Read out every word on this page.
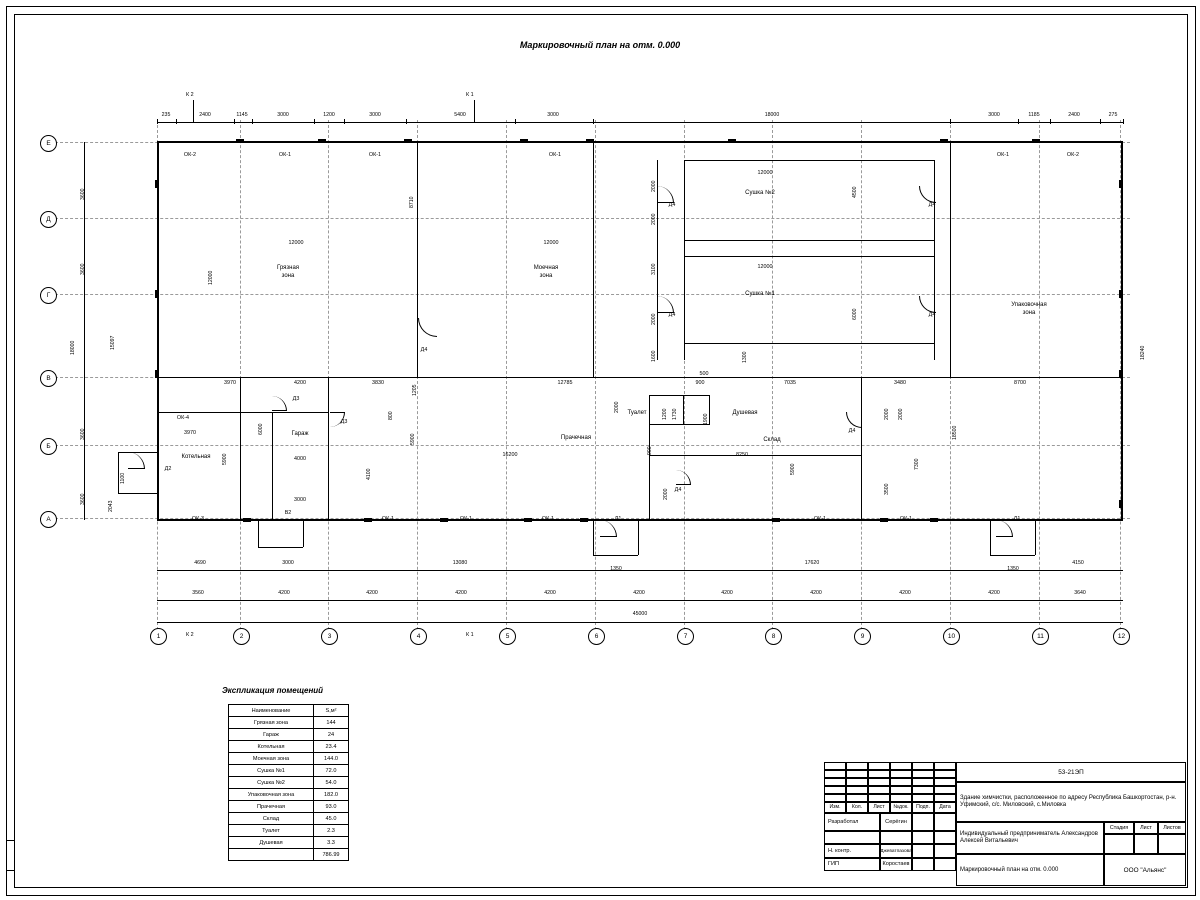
Маркировочный план на отм. 0.000
Грязная
зона
Моечная
зона
Сушка №2
Сушка №1
Упаковочная
зона
Котельная
Гараж
Прачечная
Туалет	Душевая
Склад
ОК-2	ОК-1	ОК-1	ОК-1	ОК-1	ОК-2
ОК-4
ОК-3	ОК-1	ОК-1	ОК-1	ОК-1	ОК-1
В2
Д4	Д4
Д4	Д4
Д4
Д3
Д3
Д2
Д4
Д4
Д1	Д1
12000	12000
12000
12000
12000
8710
2000
2000
3100
2000
1600	1300
4500
6000
3970	4200	3830
1205
12785	900	7035	3480	8700
3970	6000
4000
3000
4100
5900
800
2000
1200 1730	1900
16200	8250
5900
900
2000
2000 2000
500
5900
235	2400	1145	3000	1200	3000	5400	3000	18000	3000	1185	2400	275
К 2	К 1
К 2	К 1
3600
3600
18000
3600
3600
15097
2043
1100
18240
18500
7300
3500
Е
Д
Г
В
Б
А
4690	3000	13080
1350
17620
1350
4150
3560	4200	4200	4200	4200	4200	4200	4200	4200	4200	3640
45000
1	2	3	4	5	6	7	8	9	10	11	12
Экспликация помещений
Наименование	S,м²
Грязная зона	144
Гараж	24
Котельная	23.4
Моечная зона	144.0
Сушка №1	72.0
Сушка №2	54.0
Упаковочная зона	182.0
Прачечная	93.0
Склад	45.0
Туалет	2.3
Душевая	3.3
	786.99
53-21ЭП
Здание химчистки, расположенное по адресу Республика Башкортостан, р-н. Уфимский, с/с. Миловский, с.Миловка
Изм.	Кол.	Лист	№док.	Подп.	Дата
Разработал	Серёгин
Н. контр.	Джеватпазова
ГИП	Коростаев
Индивидуальный предприниматель Александров Алексей Витальевич
Стадия	Лист	Листов
Маркировочный план на отм. 0.000	ООО "Альянс"
